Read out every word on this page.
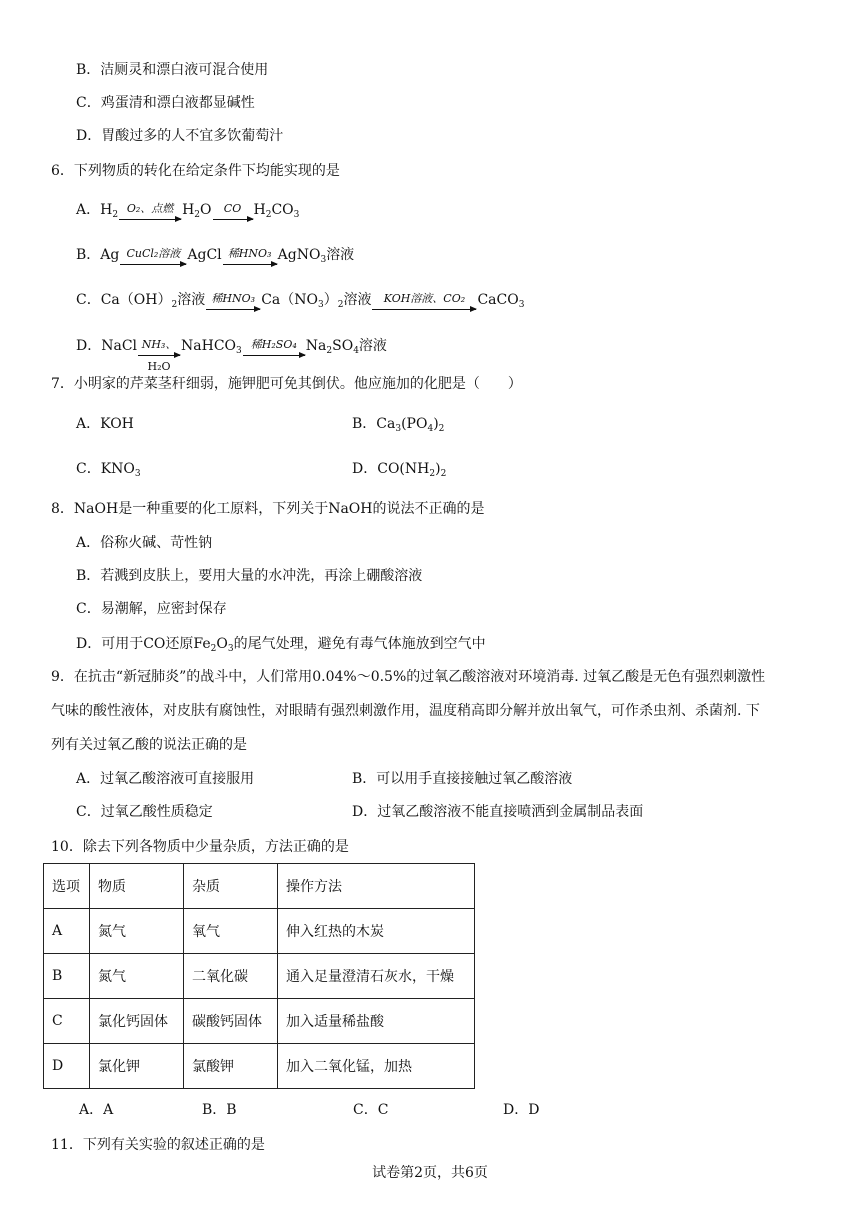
B．洁厕灵和漂白液可混合使用
C．鸡蛋清和漂白液都显碱性
D．胃酸过多的人不宜多饮葡萄汁
6．下列物质的转化在给定条件下均能实现的是
A．$H_2$ O₂、点燃 $H_2O$	CO $H_2CO_3$
B．Ag CuCl₂溶液 AgCl 稀HNO₃ AgNO$_3$溶液
C．$Ca(OH)_2$溶液 稀HNO₃ $Ca(NO_3)_2$溶液	KOH溶液、CO₂ CaCO$_3$
D．NaCl $\frac{\text{NH₃、}}{\text{H₂O}}$ NaHCO$_3$ 稀H₂SO₄ $Na_2SO_4$溶液
7．小明家的芹菜茎秆细弱，施钾肥可免其倒伏。他应施加的化肥是（　　）
A．KOH	B．$Ca_3(PO_4)_2$
C．$KNO_3$	D．$CO(NH_2)_2$
8．NaOH是一种重要的化工原料，下列关于NaOH的说法不正确的是
A．俗称火碱、苛性钠
B．若溅到皮肤上，要用大量的水冲洗，再涂上硼酸溶液
C．易潮解，应密封保存
D．可用于CO还原$Fe_2O_3$的尾气处理，避免有毒气体施放到空气中
9．在抗击“新冠肺炎”的战斗中，人们常用0.04%～0.5%的过氧乙酸溶液对环境消毒. 过氧乙酸是无色有强烈刺激性
气味的酸性液体，对皮肤有腐蚀性，对眼睛有强烈刺激作用，温度稍高即分解并放出氧气，可作杀虫剂、杀菌剂. 下
列有关过氧乙酸的说法正确的是
A．过氧乙酸溶液可直接服用	B．可以用手直接接触过氧乙酸溶液
C．过氧乙酸性质稳定	D．过氧乙酸溶液不能直接喷洒到金属制品表面
10．除去下列各物质中少量杂质，方法正确的是
选项	物质	杂质	操作方法
A	氮气	氧气	伸入红热的木炭
B	氮气	二氧化碳	通入足量澄清石灰水，干燥
C	氯化钙固体	碳酸钙固体	加入适量稀盐酸
D	氯化钾	氯酸钾	加入二氧化锰，加热
A．A	B．B	C．C	D．D
11．下列有关实验的叙述正确的是
试卷第2页，共6页
